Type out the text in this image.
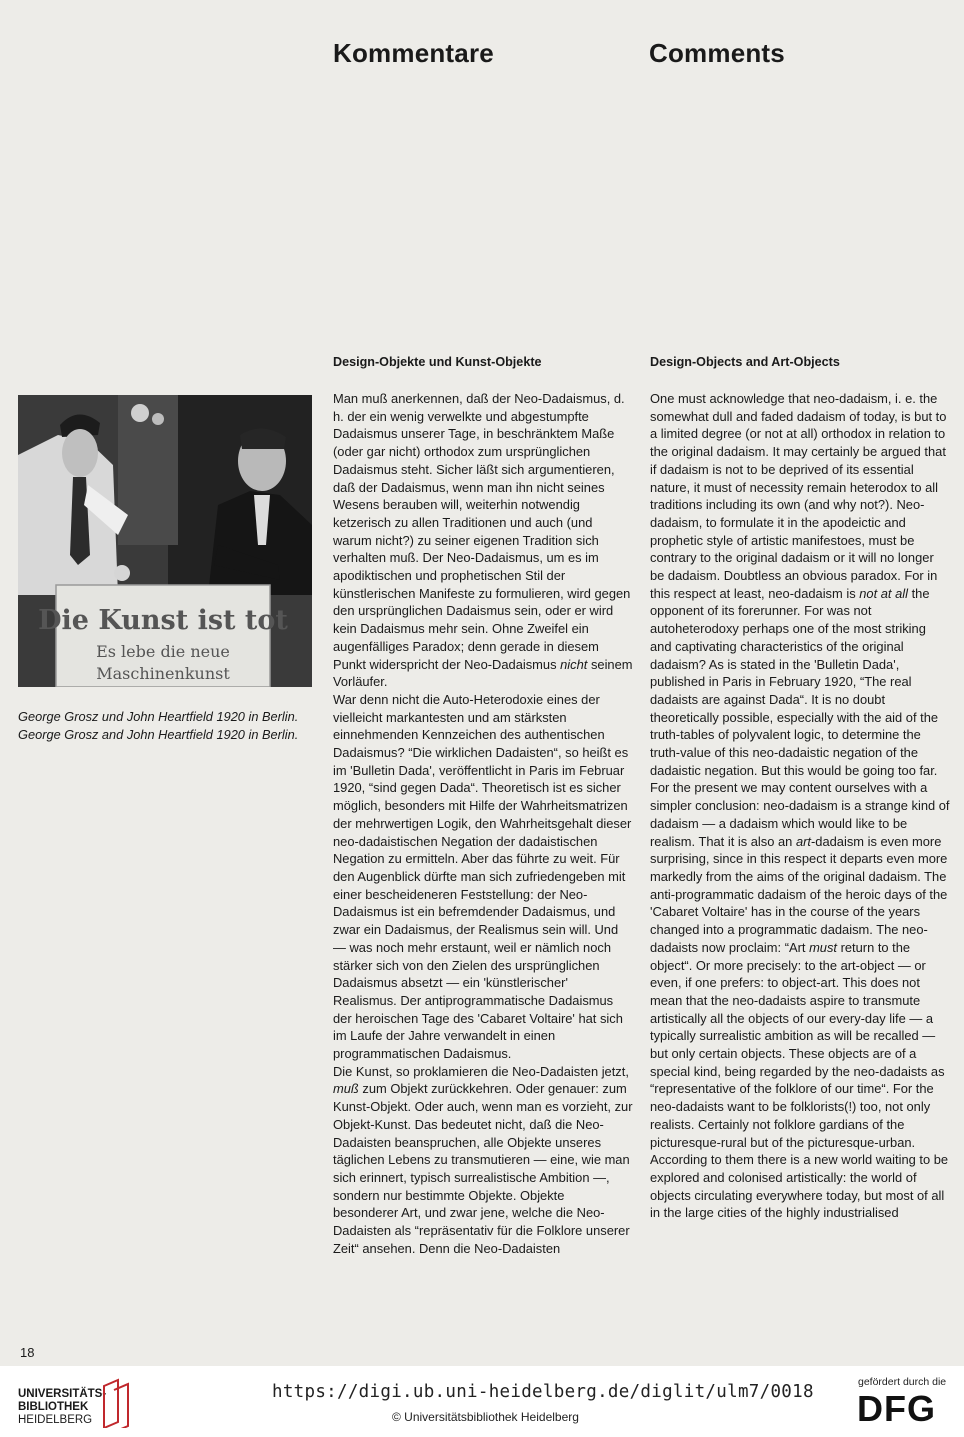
Kommentare	Comments
Design-Objekte und Kunst-Objekte	Design-Objects and Art-Objects
Die Kunst ist tot
Es lebe die neue
Maschinenkunst

George Grosz und John Heartfield 1920 in Berlin.

George Grosz and John Heartfield 1920 in Berlin.

Man muß anerkennen, daß der Neo-Dadaismus, d. h. der ein wenig verwelkte und abgestumpfte Dadaismus unserer Tage, in beschränktem Maße (oder gar nicht) orthodox zum ursprünglichen Dadaismus steht. Sicher läßt sich argumentieren, daß der Dadaismus, wenn man ihn nicht seines Wesens berauben will, weiterhin notwendig ketzerisch zu allen Traditionen und auch (und warum nicht?) zu seiner eigenen Tradition sich verhalten muß. Der Neo-Dadaismus, um es im apodiktischen und prophetischen Stil der künstlerischen Manifeste zu formulieren, wird gegen den ursprünglichen Dadaismus sein, oder er wird kein Dadaismus mehr sein. Ohne Zweifel ein augenfälliges Paradox; denn gerade in diesem Punkt widerspricht der Neo-Dadaismus nicht seinem Vorläufer.

War denn nicht die Auto-Heterodoxie eines der vielleicht markantesten und am stärksten einnehmenden Kennzeichen des authentischen Dadaismus? “Die wirklichen Dadaisten“, so heißt es im 'Bulletin Dada', veröffentlicht in Paris im Februar 1920, “sind gegen Dada“. Theoretisch ist es sicher möglich, besonders mit Hilfe der Wahrheitsmatrizen der mehrwertigen Logik, den Wahrheitsgehalt dieser neo-dadaistischen Negation der dadaistischen Negation zu ermitteln. Aber das führte zu weit. Für den Augenblick dürfte man sich zufriedengeben mit einer bescheideneren Feststellung: der Neo-Dadaismus ist ein befremdender Dadaismus, und zwar ein Dadaismus, der Realismus sein will. Und — was noch mehr erstaunt, weil er nämlich noch stärker sich von den Zielen des ursprünglichen Dadaismus absetzt — ein 'künstlerischer' Realismus. Der antiprogrammatische Dadaismus der heroischen Tage des 'Cabaret Voltaire' hat sich im Laufe der Jahre verwandelt in einen programmatischen Dadaismus.

Die Kunst, so proklamieren die Neo-Dadaisten jetzt, muß zum Objekt zurückkehren. Oder genauer: zum Kunst-Objekt. Oder auch, wenn man es vorzieht, zur Objekt-Kunst. Das bedeutet nicht, daß die Neo-Dadaisten beanspruchen, alle Objekte unseres täglichen Lebens zu transmutieren — eine, wie man sich erinnert, typisch surrealistische Ambition —, sondern nur bestimmte Objekte. Objekte besonderer Art, und zwar jene, welche die Neo-Dadaisten als “repräsentativ für die Folklore unserer Zeit“ ansehen. Denn die Neo-Dadaisten

One must acknowledge that neo-dadaism, i. e. the somewhat dull and faded dadaism of today, is but to a limited degree (or not at all) orthodox in relation to the original dadaism. It may certainly be argued that if dadaism is not to be deprived of its essential nature, it must of necessity remain heterodox to all traditions including its own (and why not?). Neo-dadaism, to formulate it in the apodeictic and prophetic style of artistic manifestoes, must be contrary to the original dadaism or it will no longer be dadaism. Doubtless an obvious paradox. For in this respect at least, neo-dadaism is not at all the opponent of its forerunner. For was not autoheterodoxy perhaps one of the most striking and captivating characteristics of the original dadaism? As is stated in the 'Bulletin Dada', published in Paris in February 1920, “The real dadaists are against Dada“. It is no doubt theoretically possible, especially with the aid of the truth-tables of polyvalent logic, to determine the truth-value of this neo-dadaistic negation of the dadaistic negation. But this would be going too far. For the present we may content ourselves with a simpler conclusion: neo-dadaism is a strange kind of dadaism — a dadaism which would like to be realism. That it is also an art-dadaism is even more surprising, since in this respect it departs even more markedly from the aims of the original dadaism. The anti-programmatic dadaism of the heroic days of the 'Cabaret Voltaire' has in the course of the years changed into a programmatic dadaism. The neo-dadaists now proclaim: “Art must return to the object“. Or more precisely: to the art-object — or even, if one prefers: to object-art. This does not mean that the neo-dadaists aspire to transmute artistically all the objects of our every-day life — a typically surrealistic ambition as will be recalled — but only certain objects. These objects are of a special kind, being regarded by the neo-dadaists as “representative of the folklore of our time“. For the neo-dadaists want to be folklorists(!) too, not only realists. Certainly not folklore gardians of the picturesque-rural but of the picturesque-urban. According to them there is a new world waiting to be explored and colonised artistically: the world of objects circulating everywhere today, but most of all in the large cities of the highly industrialised

18
UNIVERSITÄTS-
BIBLIOTHEK
HEIDELBERG
https://digi.ub.uni-heidelberg.de/diglit/ulm7/0018
© Universitätsbibliothek Heidelberg
gefördert durch die
DFG
